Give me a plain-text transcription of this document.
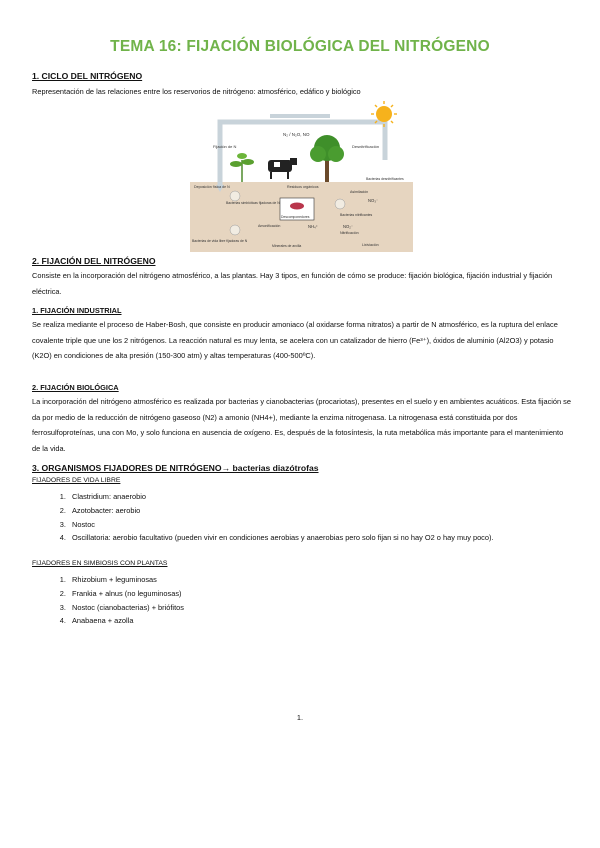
TEMA 16: FIJACIÓN BIOLÓGICA DEL NITRÓGENO
1. CICLO DEL NITRÓGENO
Representación de las relaciones entre los reservorios de nitrógeno: atmosférico, edáfico y biológico
N₂ / N₂O, NO
Fijación de N	Desnitrificación
Deposición física de N
Bacterias simbióticas fijadoras de N
Residuos orgánicos
Descomponedores
Amonificación	NH₄⁺
NO₃⁻
NO₂⁻
Nitrificación
Bacterias desnitrificantes
Bacterias nitrificantes
Bacterias de vida libre fijadoras de N
Minerales de arcilla	Lixiviación
Asimilación
2. FIJACIÓN DEL NITRÓGENO
Consiste en la incorporación del nitrógeno atmosférico, a las plantas. Hay 3 tipos, en función de cómo se produce: fijación biológica, fijación industrial y fijación eléctrica.
1. FIJACIÓN INDUSTRIAL
Se realiza mediante el proceso de Haber-Bosh, que consiste en producir amoniaco (al oxidarse forma nitratos) a partir de N atmosférico, es la ruptura del enlace covalente triple que une los 2 nitrógenos. La reacción natural es muy lenta, se acelera con un catalizador de hierro (Fe³⁺), óxidos de aluminio (Al2O3) y potasio (K2O) en condiciones de alta presión (150-300 atm) y altas temperaturas (400-500ºC).
2. FIJACIÓN BIOLÓGICA
La incorporación del nitrógeno atmosférico es realizada por bacterias y cianobacterias (procariotas), presentes en el suelo y en ambientes acuáticos. Esta fijación se da por medio de la reducción de nitrógeno gaseoso (N2) a amonio (NH4+), mediante la enzima nitrogenasa. La nitrogenasa está constituida por dos ferrosulfoproteínas, una con Mo, y solo funciona en ausencia de oxígeno. Es, después de la fotosíntesis, la ruta metabólica más importante para el mantenimiento de la vida.
3. ORGANISMOS FIJADORES DE NITRÓGENO→ bacterias diazótrofas
FIJADORES DE VIDA LIBRE
1. Clastridium: anaerobio
2. Azotobacter: aerobio
3. Nostoc
4. Oscillatoria: aerobio facultativo (pueden vivir en condiciones aerobias y anaerobias pero solo fijan si no hay O2 o hay muy poco).
FIJADORES EN SIMBIOSIS CON PLANTAS
1. Rhizobium + leguminosas
2. Frankia + alnus (no leguminosas)
3. Nostoc (cianobacterias) + briófitos
4. Anabaena + azolla
1.
